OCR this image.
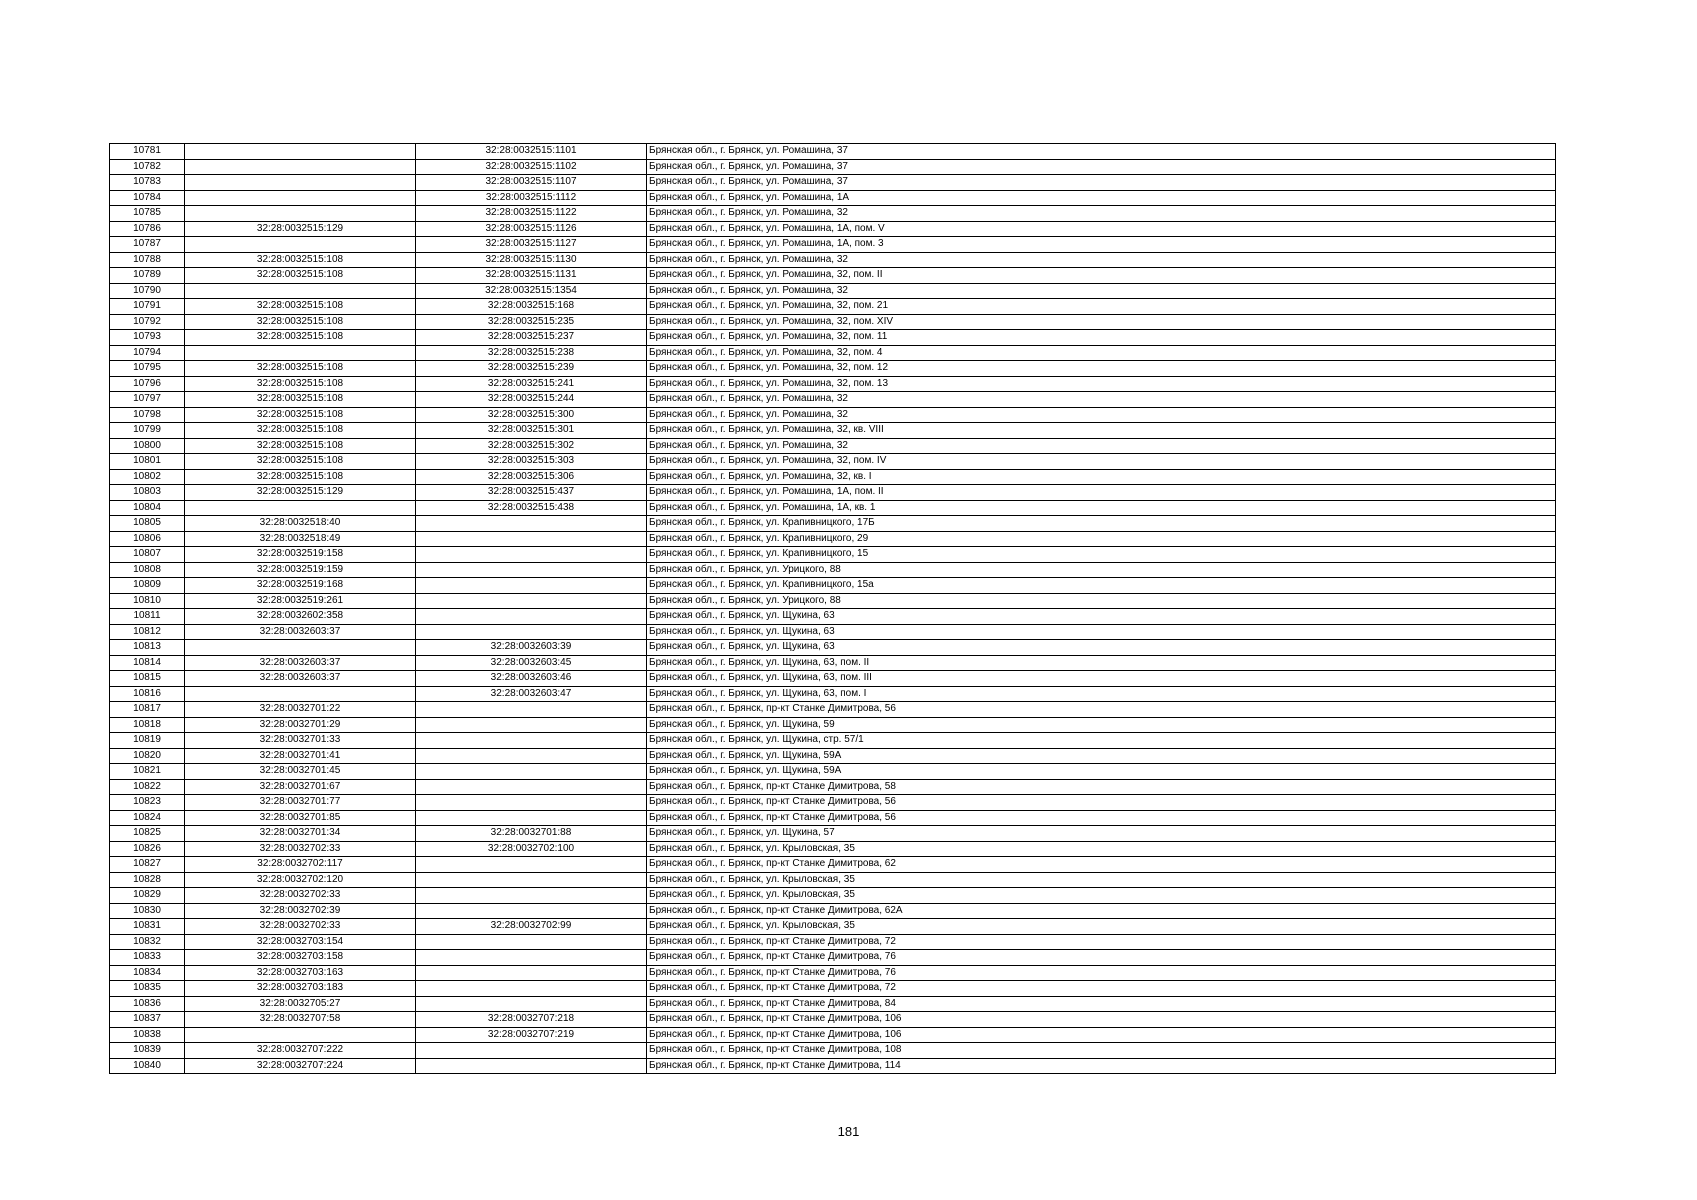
10781		32:28:0032515:1101	Брянская обл., г. Брянск, ул. Ромашина, 37
10782		32:28:0032515:1102	Брянская обл., г. Брянск, ул. Ромашина, 37
10783		32:28:0032515:1107	Брянская обл., г. Брянск, ул. Ромашина, 37
10784		32:28:0032515:1112	Брянская обл., г. Брянск, ул. Ромашина, 1А
10785		32:28:0032515:1122	Брянская обл., г. Брянск, ул. Ромашина, 32
10786	32:28:0032515:129	32:28:0032515:1126	Брянская обл., г. Брянск, ул. Ромашина, 1А, пом. V
10787		32:28:0032515:1127	Брянская обл., г. Брянск, ул. Ромашина, 1А, пом. 3
10788	32:28:0032515:108	32:28:0032515:1130	Брянская обл., г. Брянск, ул. Ромашина, 32
10789	32:28:0032515:108	32:28:0032515:1131	Брянская обл., г. Брянск, ул. Ромашина, 32, пом. II
10790		32:28:0032515:1354	Брянская обл., г. Брянск, ул. Ромашина, 32
10791	32:28:0032515:108	32:28:0032515:168	Брянская обл., г. Брянск, ул. Ромашина, 32, пом. 21
10792	32:28:0032515:108	32:28:0032515:235	Брянская обл., г. Брянск, ул. Ромашина, 32, пом. XIV
10793	32:28:0032515:108	32:28:0032515:237	Брянская обл., г. Брянск, ул. Ромашина, 32, пом. 11
10794		32:28:0032515:238	Брянская обл., г. Брянск, ул. Ромашина, 32, пом. 4
10795	32:28:0032515:108	32:28:0032515:239	Брянская обл., г. Брянск, ул. Ромашина, 32, пом. 12
10796	32:28:0032515:108	32:28:0032515:241	Брянская обл., г. Брянск, ул. Ромашина, 32, пом. 13
10797	32:28:0032515:108	32:28:0032515:244	Брянская обл., г. Брянск, ул. Ромашина, 32
10798	32:28:0032515:108	32:28:0032515:300	Брянская обл., г. Брянск, ул. Ромашина, 32
10799	32:28:0032515:108	32:28:0032515:301	Брянская обл., г. Брянск, ул. Ромашина, 32, кв. VIII
10800	32:28:0032515:108	32:28:0032515:302	Брянская обл., г. Брянск, ул. Ромашина, 32
10801	32:28:0032515:108	32:28:0032515:303	Брянская обл., г. Брянск, ул. Ромашина, 32, пом. IV
10802	32:28:0032515:108	32:28:0032515:306	Брянская обл., г. Брянск, ул. Ромашина, 32, кв. I
10803	32:28:0032515:129	32:28:0032515:437	Брянская обл., г. Брянск, ул. Ромашина, 1А, пом. II
10804		32:28:0032515:438	Брянская обл., г. Брянск, ул. Ромашина, 1А, кв. 1
10805	32:28:0032518:40		Брянская обл., г. Брянск, ул. Крапивницкого, 17Б
10806	32:28:0032518:49		Брянская обл., г. Брянск, ул. Крапивницкого, 29
10807	32:28:0032519:158		Брянская обл., г. Брянск, ул. Крапивницкого, 15
10808	32:28:0032519:159		Брянская обл., г. Брянск, ул. Урицкого, 88
10809	32:28:0032519:168		Брянская обл., г. Брянск, ул. Крапивницкого, 15а
10810	32:28:0032519:261		Брянская обл., г. Брянск, ул. Урицкого, 88
10811	32:28:0032602:358		Брянская обл., г. Брянск, ул. Щукина, 63
10812	32:28:0032603:37		Брянская обл., г. Брянск, ул. Щукина, 63
10813		32:28:0032603:39	Брянская обл., г. Брянск, ул. Щукина, 63
10814	32:28:0032603:37	32:28:0032603:45	Брянская обл., г. Брянск, ул. Щукина, 63, пом. II
10815	32:28:0032603:37	32:28:0032603:46	Брянская обл., г. Брянск, ул. Щукина, 63, пом. III
10816		32:28:0032603:47	Брянская обл., г. Брянск, ул. Щукина, 63, пом. I
10817	32:28:0032701:22		Брянская обл., г. Брянск, пр-кт Станке Димитрова, 56
10818	32:28:0032701:29		Брянская обл., г. Брянск, ул. Щукина, 59
10819	32:28:0032701:33		Брянская обл., г. Брянск, ул. Щукина, стр. 57/1
10820	32:28:0032701:41		Брянская обл., г. Брянск, ул. Щукина, 59А
10821	32:28:0032701:45		Брянская обл., г. Брянск, ул. Щукина, 59А
10822	32:28:0032701:67		Брянская обл., г. Брянск, пр-кт Станке Димитрова, 58
10823	32:28:0032701:77		Брянская обл., г. Брянск, пр-кт Станке Димитрова, 56
10824	32:28:0032701:85		Брянская обл., г. Брянск, пр-кт Станке Димитрова, 56
10825	32:28:0032701:34	32:28:0032701:88	Брянская обл., г. Брянск, ул. Щукина, 57
10826	32:28:0032702:33	32:28:0032702:100	Брянская обл., г. Брянск, ул. Крыловская, 35
10827	32:28:0032702:117		Брянская обл., г. Брянск, пр-кт Станке Димитрова, 62
10828	32:28:0032702:120		Брянская обл., г. Брянск, ул. Крыловская, 35
10829	32:28:0032702:33		Брянская обл., г. Брянск, ул. Крыловская, 35
10830	32:28:0032702:39		Брянская обл., г. Брянск, пр-кт Станке Димитрова, 62А
10831	32:28:0032702:33	32:28:0032702:99	Брянская обл., г. Брянск, ул. Крыловская, 35
10832	32:28:0032703:154		Брянская обл., г. Брянск, пр-кт Станке Димитрова, 72
10833	32:28:0032703:158		Брянская обл., г. Брянск, пр-кт Станке Димитрова, 76
10834	32:28:0032703:163		Брянская обл., г. Брянск, пр-кт Станке Димитрова, 76
10835	32:28:0032703:183		Брянская обл., г. Брянск, пр-кт Станке Димитрова, 72
10836	32:28:0032705:27		Брянская обл., г. Брянск, пр-кт Станке Димитрова, 84
10837	32:28:0032707:58	32:28:0032707:218	Брянская обл., г. Брянск, пр-кт Станке Димитрова, 106
10838		32:28:0032707:219	Брянская обл., г. Брянск, пр-кт Станке Димитрова, 106
10839	32:28:0032707:222		Брянская обл., г. Брянск, пр-кт Станке Димитрова, 108
10840	32:28:0032707:224		Брянская обл., г. Брянск, пр-кт Станке Димитрова, 114
181
